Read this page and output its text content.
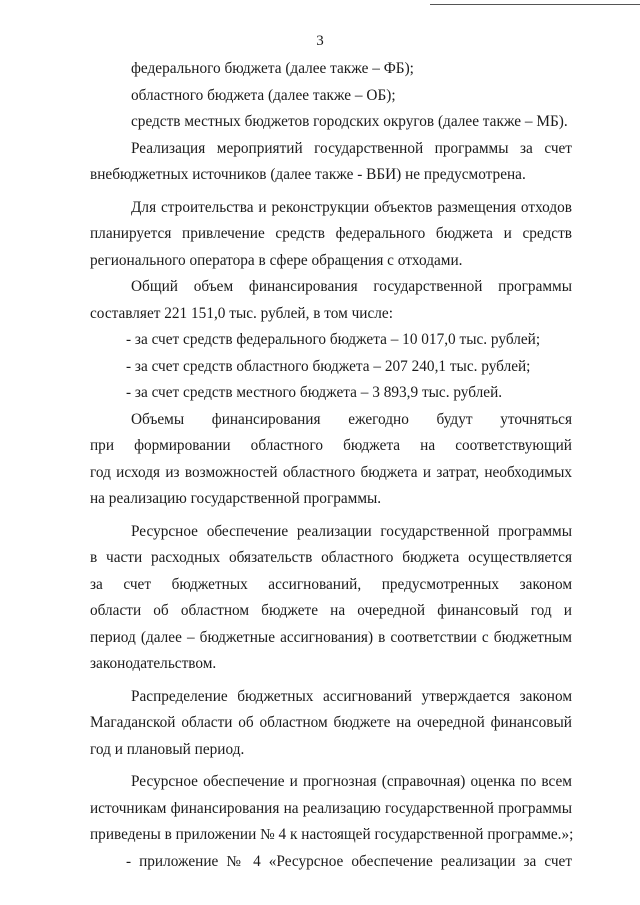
3

федерального бюджета (далее также – ФБ);
областного бюджета (далее также – ОБ);
средств местных бюджетов городских округов (далее также – МБ).

Реализация мероприятий государственной программы за счет
внебюджетных источников (далее также - ВБИ) не предусмотрена.

Для строительства и реконструкции объектов размещения отходов
планируется привлечение средств федерального бюджета и средств
регионального оператора в сфере обращения с отходами.

Общий объем финансирования государственной программы
составляет 221 151,0 тыс. рублей, в том числе:

- за счет средств федерального бюджета – 10 017,0 тыс. рублей;
- за счет средств областного бюджета – 207 240,1 тыс. рублей;
- за счет средств местного бюджета – 3 893,9 тыс. рублей.

Объемы финансирования ежегодно будут уточняться
при формировании областного бюджета на соответствующий
год исходя из возможностей областного бюджета и затрат, необходимых
на реализацию государственной программы.

Ресурсное обеспечение реализации государственной программы
в части расходных обязательств областного бюджета осуществляется
за счет бюджетных ассигнований, предусмотренных законом
области об областном бюджете на очередной финансовый год и
период (далее – бюджетные ассигнования) в соответствии с бюджетным
законодательством.

Распределение бюджетных ассигнований утверждается законом
Магаданской области об областном бюджете на очередной финансовый
год и плановый период.

Ресурсное обеспечение и прогнозная (справочная) оценка по всем
источникам финансирования на реализацию государственной программы
приведены в приложении № 4 к настоящей государственной программе.»;

- приложение № 4 «Ресурсное обеспечение реализации за счет
